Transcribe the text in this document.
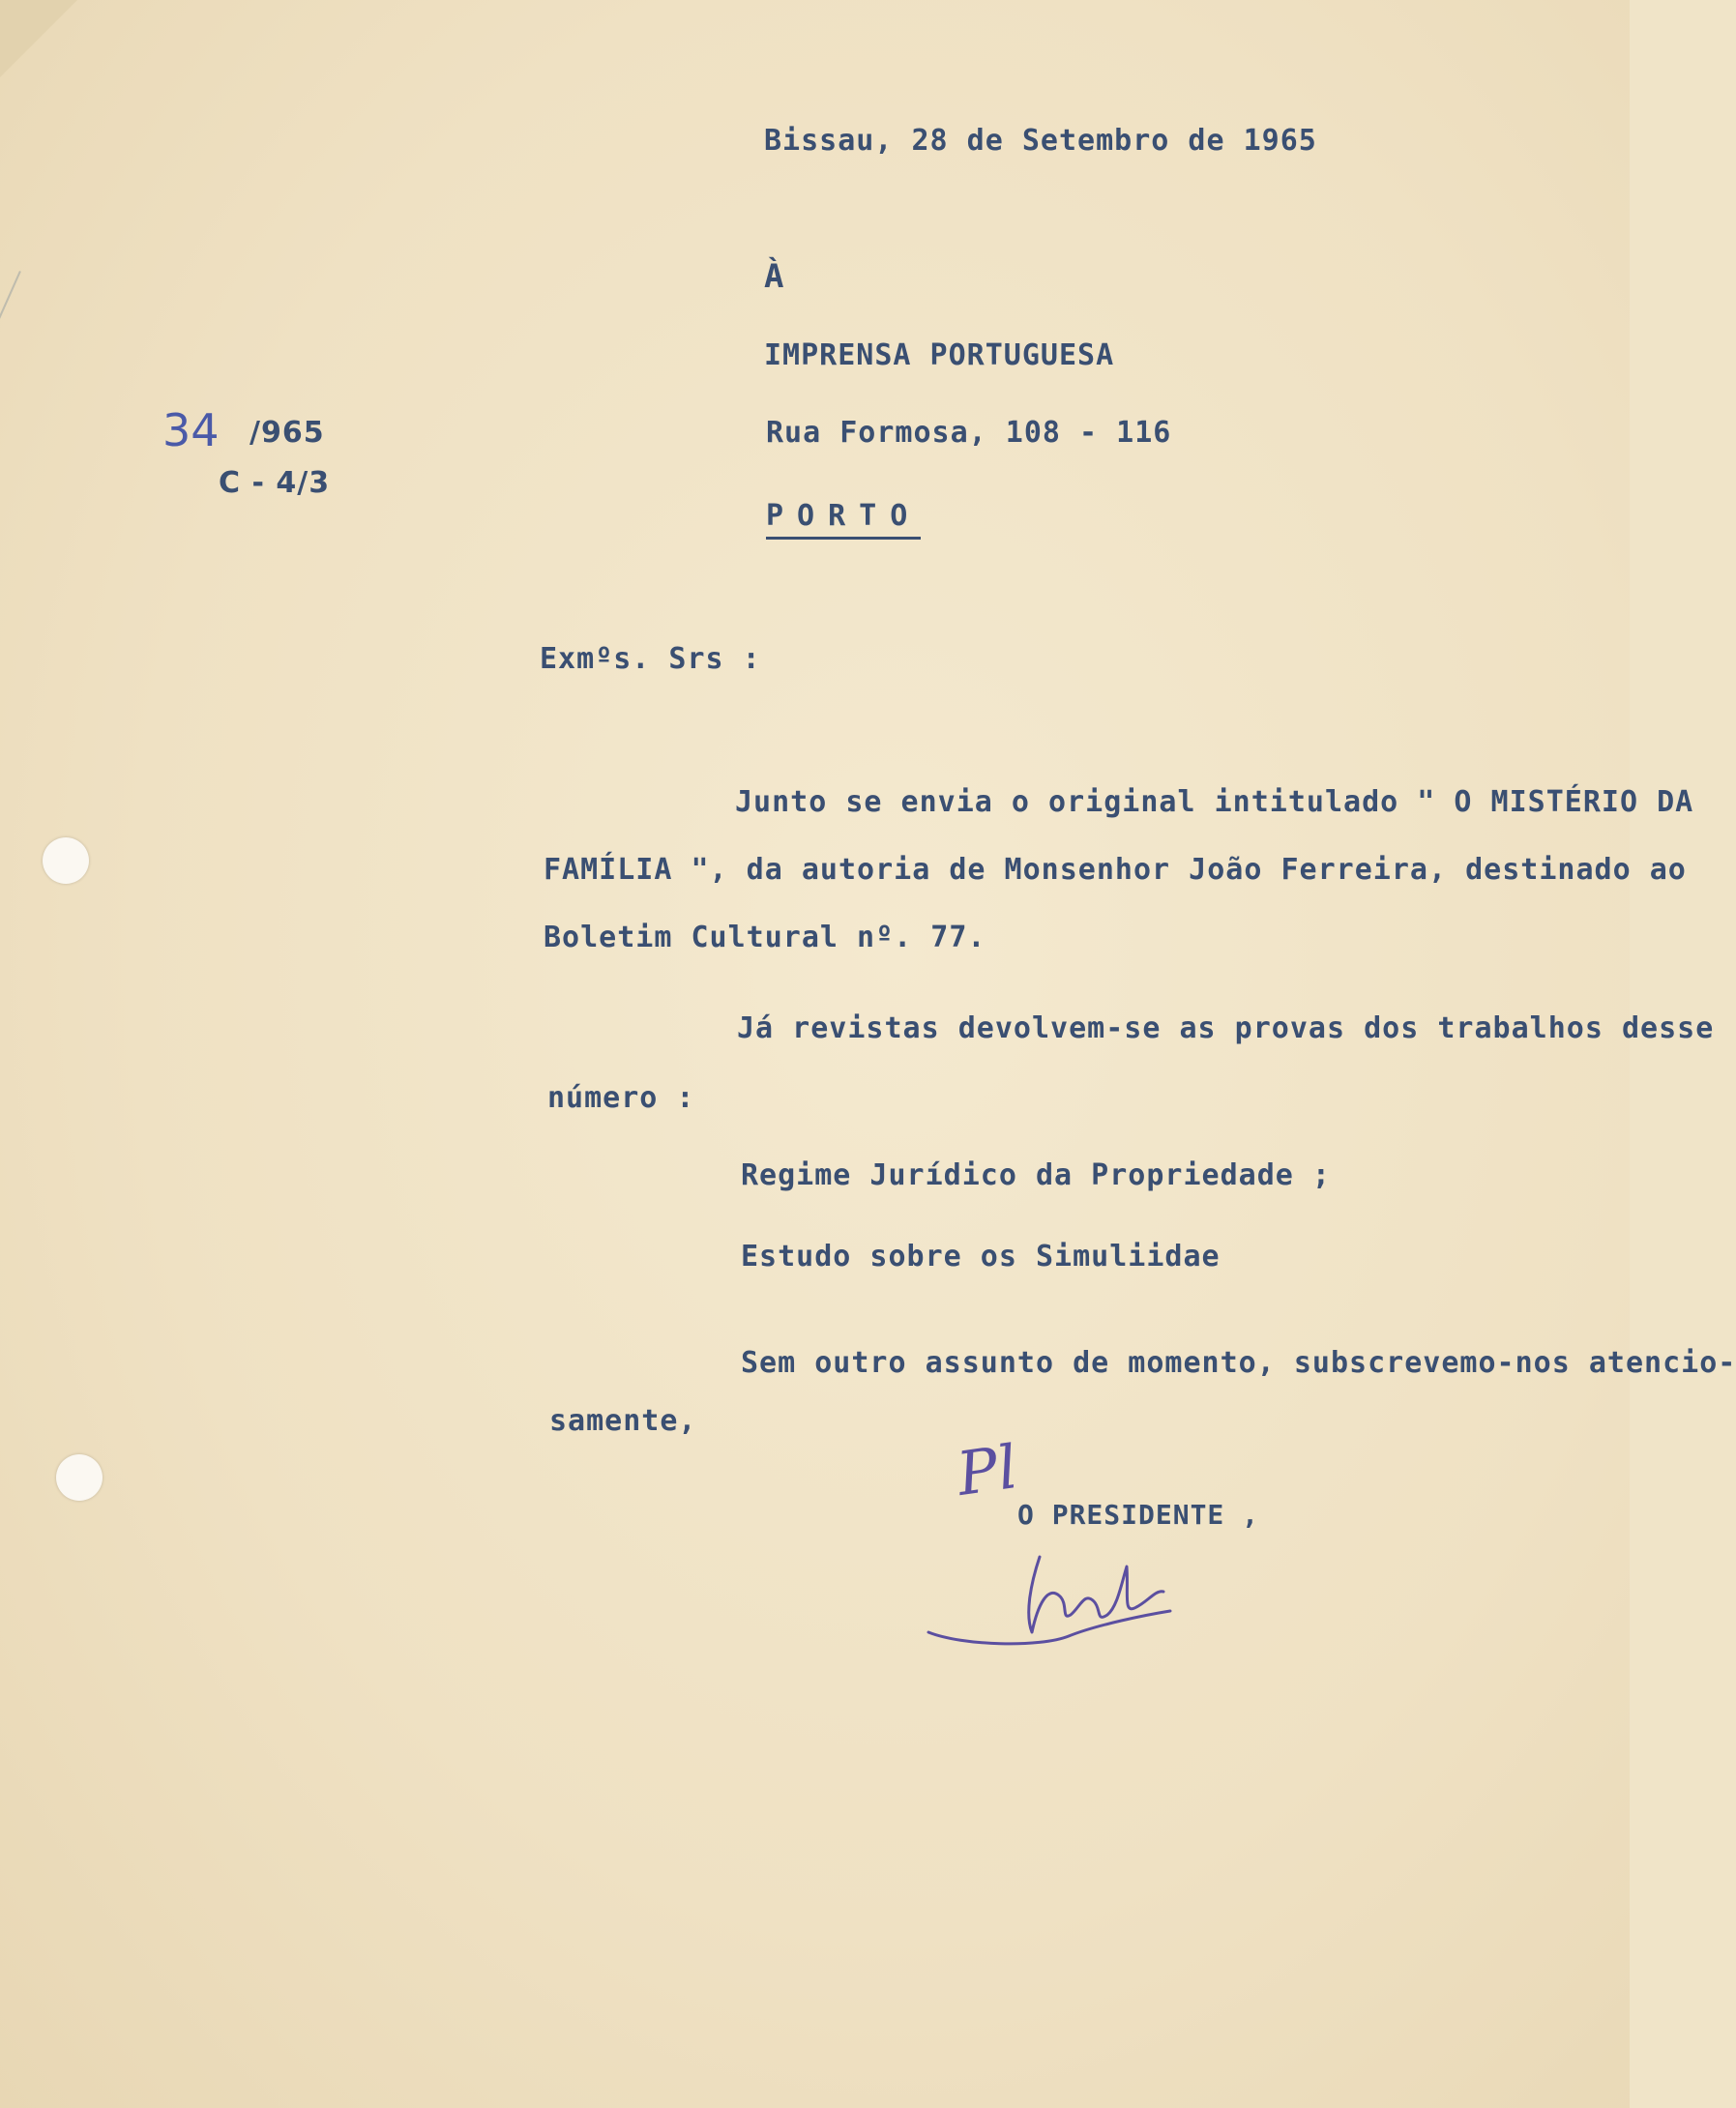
Bissau, 28 de Setembro de 1965
À
IMPRENSA PORTUGUESA
Rua Formosa, 108 - 116
PORTO
34 /965
C - 4/3
Exmºs. Srs :
Junto se envia o original intitulado " O MISTÉRIO DA
FAMÍLIA ", da autoria de Monsenhor João Ferreira, destinado ao
Boletim Cultural nº. 77.
Já revistas devolvem-se as provas dos trabalhos desse
número :
Regime Jurídico da Propriedade ;
Estudo sobre os Simuliidae
Sem outro assunto de momento, subscrevemo-nos atencio-
samente,
Pl
O PRESIDENTE ,
